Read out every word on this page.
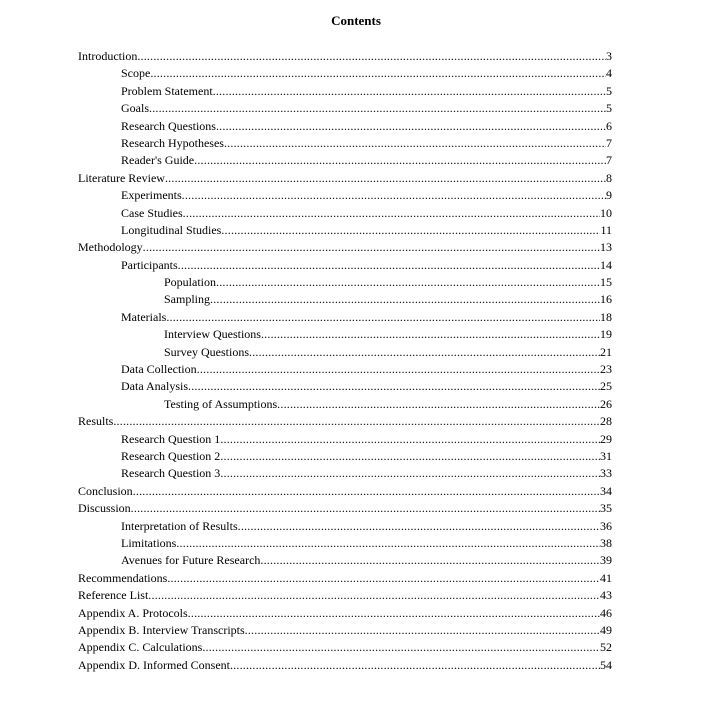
Contents
Introduction .....	3
Scope .....	4
Problem Statement .....	5
Goals .....	5
Research Questions .....	6
Research Hypotheses .....	7
Reader's Guide .....	7
Literature Review .....	8
Experiments .....	9
Case Studies .....	10
Longitudinal Studies .....	11
Methodology .....	13
Participants .....	14
Population .....	15
Sampling .....	16
Materials .....	18
Interview Questions .....	19
Survey Questions .....	21
Data Collection .....	23
Data Analysis .....	25
Testing of Assumptions .....	26
Results .....	28
Research Question 1 .....	29
Research Question 2 .....	31
Research Question 3 .....	33
Conclusion .....	34
Discussion .....	35
Interpretation of Results .....	36
Limitations .....	38
Avenues for Future Research .....	39
Recommendations .....	41
Reference List .....	43
Appendix A. Protocols .....	46
Appendix B. Interview Transcripts .....	49
Appendix C. Calculations .....	52
Appendix D. Informed Consent .....	54
